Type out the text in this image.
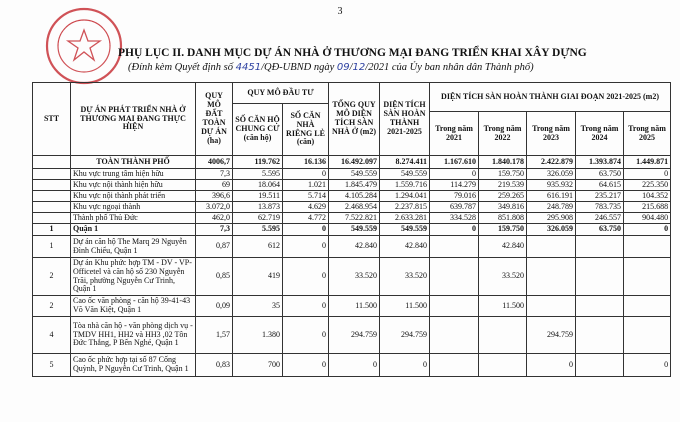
3
PHỤ LỤC II. DANH MỤC DỰ ÁN NHÀ Ở THƯƠNG MẠI ĐANG TRIỂN KHAI XÂY DỰNG
(Đính kèm Quyết định số 4451/QĐ-UBND ngày 09/12/2021 của Ủy ban nhân dân Thành phố)
STT	DỰ ÁN PHÁT TRIỂN NHÀ Ở THƯƠNG MẠI ĐANG THỰC HIỆN	QUY MÔ ĐẤT TOÀN DỰ ÁN (ha)	QUY MÔ ĐẦU TƯ		TỔNG QUY MÔ DIỆN TÍCH SÀN NHÀ Ở (m2)	DIỆN TÍCH SÀN HOÀN THÀNH 2021-2025	DIỆN TÍCH SÀN HOÀN THÀNH GIAI ĐOẠN 2021-2025 (m2)				
			SỐ CĂN HỘ CHUNG CƯ (căn hộ)	SỐ CĂN NHÀ RIÊNG LẺ (căn)							
							Trong năm 2021	Trong năm 2022	Trong năm 2023	Trong năm 2024	Trong năm 2025
	TOÀN THÀNH PHỐ	4006,7	119.762	16.136	16.492.097	8.274.411	1.167.610	1.840.178	2.422.879	1.393.874	1.449.871
	Khu vực trung tâm hiện hữu	7,3	5.595	0	549.559	549.559	0	159.750	326.059	63.750	0
	Khu vực nội thành hiện hữu	69	18.064	1.021	1.845.479	1.559.716	114.279	219.539	935.932	64.615	225.350
	Khu vực nội thành phát triển	396,6	19.511	5.714	4.105.284	1.294.041	79.016	259.265	616.191	235.217	104.352
	Khu vực ngoại thành	3.072,0	13.873	4.629	2.468.954	2.237.815	639.787	349.816	248.789	783.735	215.688
	Thành phố Thủ Đức	462,0	62.719	4.772	7.522.821	2.633.281	334.528	851.808	295.908	246.557	904.480
1	Quận 1	7,3	5.595	0	549.559	549.559	0	159.750	326.059	63.750	0
1	Dự án căn hộ The Marq 29 Nguyễn Đình Chiểu, Quận 1	0,87	612	0	42.840	42.840		42.840			
2	Dự án Khu phức hợp TM - DV - VP- Officetel và căn hộ số 230 Nguyễn Trãi, phường Nguyễn Cư Trinh, Quận 1	0,85	419	0	33.520	33.520		33.520			
2	Cao ốc văn phòng - căn hộ 39-41-43 Võ Văn Kiệt, Quận 1	0,09	35	0	11.500	11.500		11.500			
4	Tòa nhà căn hộ - văn phòng dịch vụ - TMDV HH1, HH2 và HH3 ,02 Tôn Đức Thắng, P Bến Nghé, Quận 1	1,57	1.380	0	294.759	294.759			294.759		
5	Cao ốc phức hợp tại số 87 Cống Quỳnh, P Nguyễn Cư Trinh, Quận 1	0,83	700	0	0	0			0		0
